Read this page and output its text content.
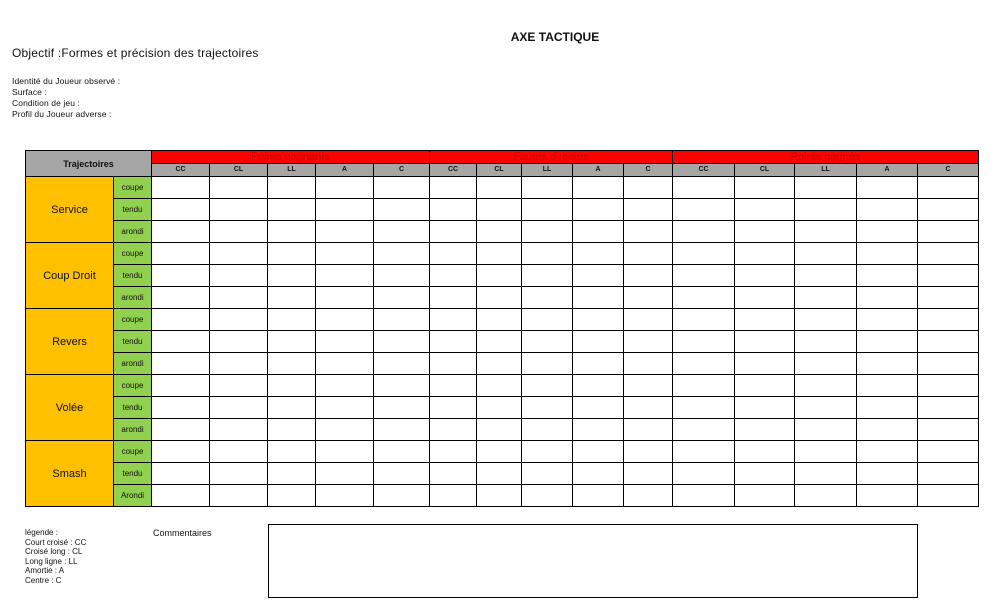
AXE TACTIQUE
Objectif :Formes et précision des trajectoires
Identité du Joueur observé :
Surface :
Condition de jeu :
Profil du Joueur adverse :
Trajectoires		Points gagnants					Fautes directes					Points gagnés				
		CC	CL	LL	A	C	CC	CL	LL	A	C	CC	CL	LL	A	C
Service	coupe															
	tendu															
	arondi															
Coup Droit	coupe															
	tendu															
	arondi															
Revers	coupe															
	tendu															
	arondi															
Volée	coupe															
	tendu															
	arondi															
Smash	coupe															
	tendu															
	Arondi															
légende :
Court croisé : CC
Croisé long : CL
Long ligne : LL
Amortie : A
Centre : C
Commentaires
